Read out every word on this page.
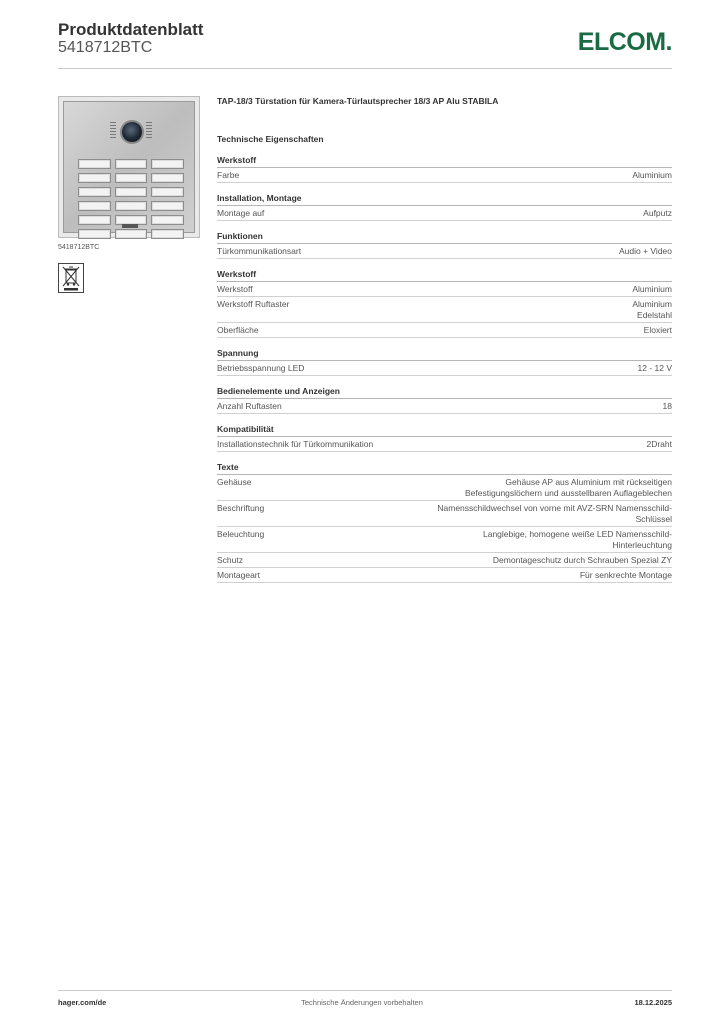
Produktdatenblatt
5418712BTC	ELCOM.
5418712BTC
TAP-18/3 Türstation für Kamera-Türlautsprecher 18/3 AP Alu STABILA
Technische Eigenschaften
Werkstoff
Farbe	Aluminium
Installation, Montage
Montage auf	Aufputz
Funktionen
Türkommunikationsart	Audio + Video
Werkstoff
Werkstoff	Aluminium
Werkstoff Ruftaster	Aluminium
Edelstahl
Oberfläche	Eloxiert
Spannung
Betriebsspannung LED	12 - 12 V
Bedienelemente und Anzeigen
Anzahl Ruftasten	18
Kompatibilität
Installationstechnik für Türkommunikation	2Draht
Texte
Gehäuse	Gehäuse AP aus Aluminium mit rückseitigen
Befestigungslöchern und ausstellbaren Auflageblechen
Beschriftung	Namensschildwechsel von vorne mit AVZ-SRN Namensschild-
Schlüssel
Beleuchtung	Langlebige, homogene weiße LED Namensschild-
Hinterleuchtung
Schutz	Demontageschutz durch Schrauben Spezial ZY
Montageart	Für senkrechte Montage
hager.com/de	Technische Änderungen vorbehalten	18.12.2025
